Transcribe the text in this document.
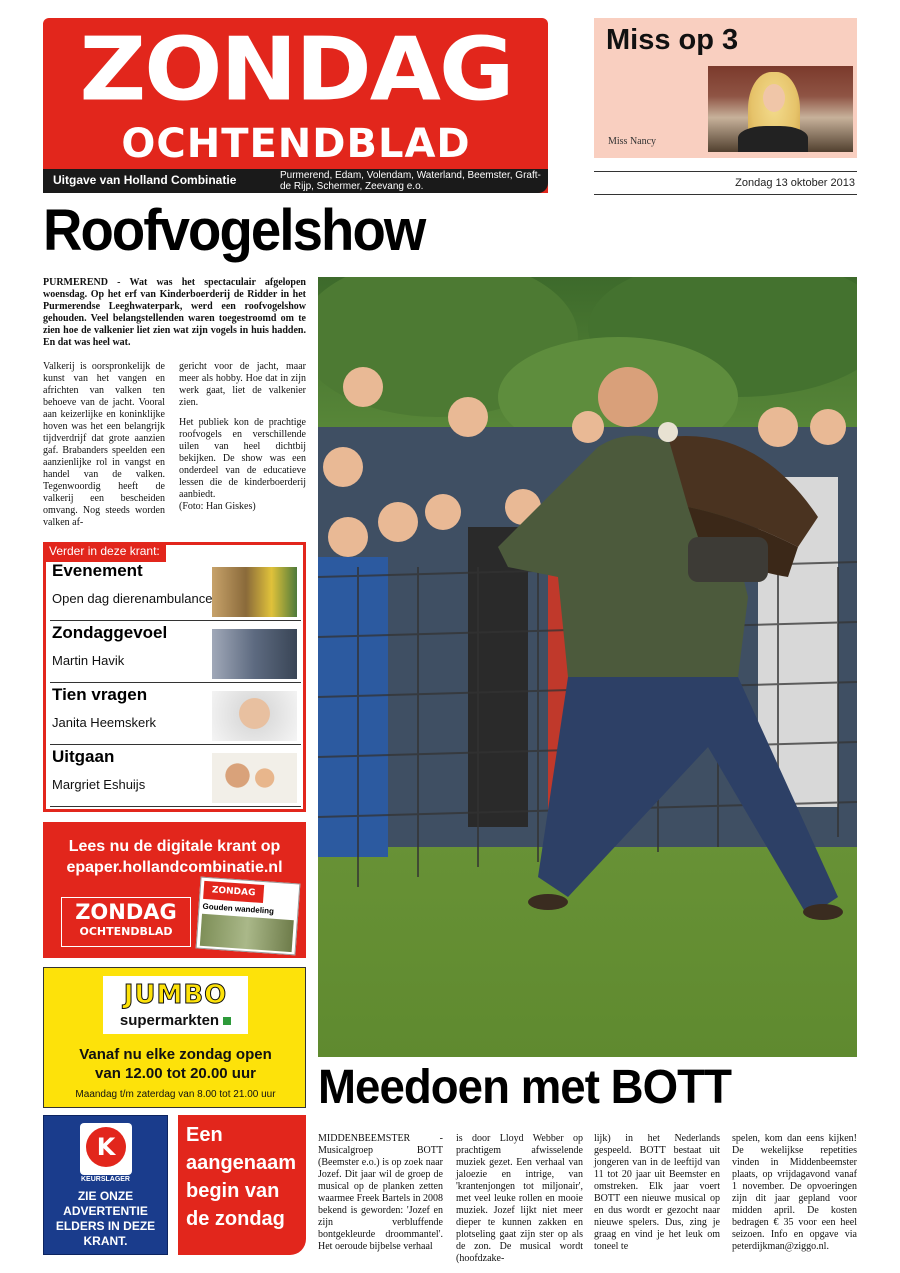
ZONDAG
OCHTENDBLAD
Uitgave van Holland Combinatie	Purmerend, Edam, Volendam, Waterland, Beemster, Graft-de Rijp, Schermer, Zeevang e.o.
Miss op 3
Miss Nancy
Zondag 13 oktober 2013
Roofvogelshow
PURMEREND - Wat was het spectaculair afgelopen woensdag. Op het erf van Kinderboerderij de Ridder in het Purmerendse Leeghwaterpark, werd een roofvogelshow gehouden. Veel belangstellenden waren toegestroomd om te zien hoe de valkenier liet zien wat zijn vogels in huis hadden. En dat was heel wat.

Valkerij is oorspronkelijk de kunst van het vangen en africhten van valken ten behoeve van de jacht. Vooral aan keizerlijke en koninklijke hoven was het een belangrijk tijdverdrijf dat grote aanzien gaf. Brabanders speelden een aanzienlijke rol in vangst en handel van de valken. Tegenwoordig heeft de valkerij een bescheiden omvang. Nog steeds worden valken af-

gericht voor de jacht, maar meer als hobby. Hoe dat in zijn werk gaat, liet de valkenier zien.

Het publiek kon de prachtige roofvogels en verschillende uilen van heel dichtbij bekijken. De show was een onderdeel van de educatieve lessen die de kinderboerderij aanbiedt.

(Foto: Han Giskes)

Verder in deze krant:
Evenement
Open dag dierenambulance
Zondaggevoel
Martin Havik
Tien vragen
Janita Heemskerk
Uitgaan
Margriet Eshuijs
Lees nu de digitale krant op
epaper.hollandcombinatie.nl
ZONDAG
OCHTENDBLAD
ZONDAG
Gouden wandeling
JUMBO
supermarkten
Vanaf nu elke zondag open
van 12.00 tot 20.00 uur
Maandag t/m zaterdag van 8.00 tot 21.00 uur
K
KEURSLAGER
ZIE ONZE ADVERTENTIE ELDERS IN DEZE KRANT.
Een aangenaam begin van de zondag
Meedoen met BOTT
MIDDENBEEMSTER - Musicalgroep BOTT (Beemster e.o.) is op zoek naar Jozef. Dit jaar wil de groep de musical op de planken zetten waarmee Freek Bartels in 2008 bekend is geworden: 'Jozef en zijn verbluffende bontgekleurde droommantel'. Het oeroude bijbelse verhaal
is door Lloyd Webber op prachtigem afwisselende muziek gezet. Een verhaal van jaloezie en intrige, van 'krantenjongen tot miljonair', met veel leuke rollen en mooie muziek. Jozef lijkt niet meer dieper te kunnen zakken en plotseling gaat zijn ster op als de zon. De musical wordt (hoofdzake-
lijk) in het Nederlands gespeeld. BOTT bestaat uit jongeren van in de leeftijd van 11 tot 20 jaar uit Beemster en omstreken. Elk jaar voert BOTT een nieuwe musical op en dus wordt er gezocht naar nieuwe spelers. Dus, zing je graag en vind je het leuk om toneel te
spelen, kom dan eens kijken! De wekelijkse repetities vinden in Middenbeemster plaats, op vrijdagavond vanaf 1 november. De opvoeringen zijn dit jaar gepland voor midden april. De kosten bedragen € 35 voor een heel seizoen. Info en opgave via peterdijkman@ziggo.nl.
